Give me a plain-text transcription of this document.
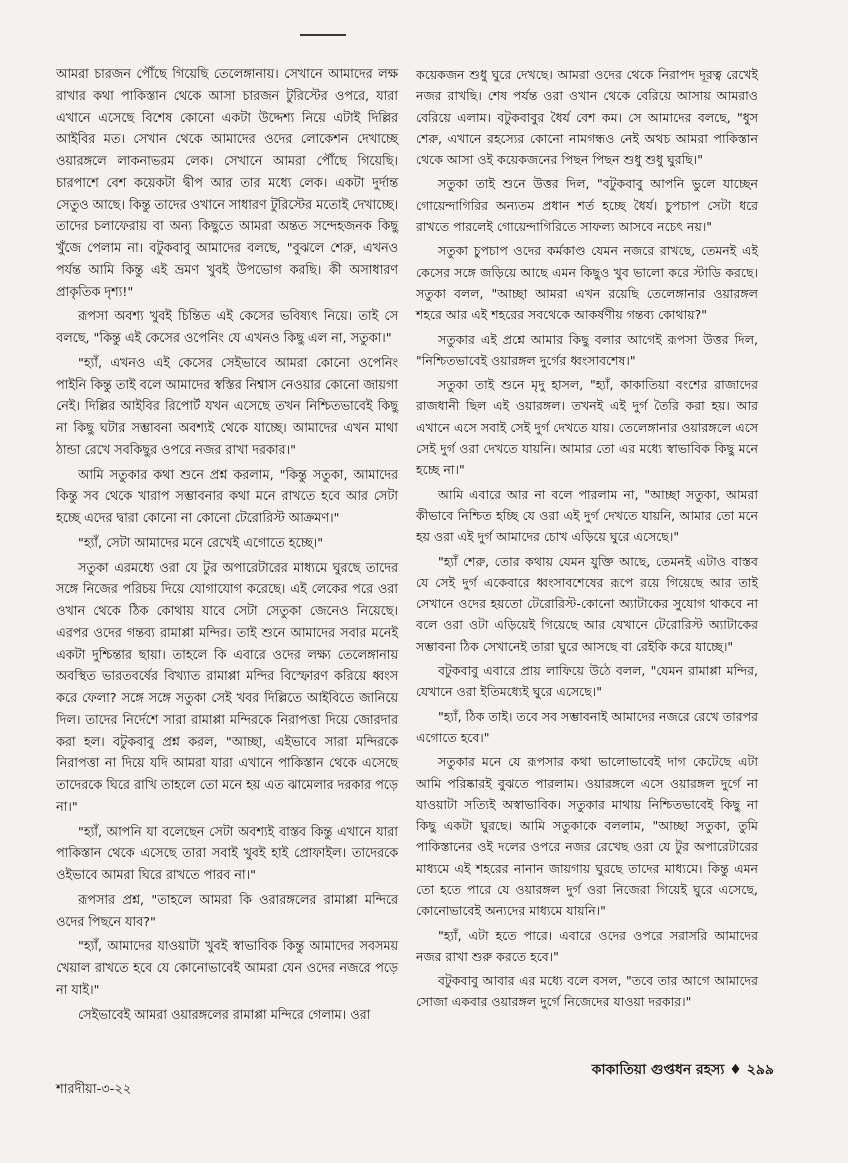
আমরা চারজন পৌঁছে গিয়েছি তেলেঙ্গানায়। সেখানে আমাদের লক্ষ রাখার কথা পাকিস্তান থেকে আসা চারজন টুরিস্টের ওপরে, যারা এখানে এসেছে বিশেষ কোনো একটা উদ্দেশ্য নিয়ে এটাই দিল্লির আইবির মত। সেখান থেকে আমাদের ওদের লোকেশন দেখাচ্ছে ওয়ারঙ্গলে লাকনাভরম লেক। সেখানে আমরা পৌঁছে গিয়েছি। চারপাশে বেশ কয়েকটা দ্বীপ আর তার মধ্যে লেক। একটা দুর্দান্ত সেতুও আছে। কিন্তু তাদের ওখানে সাধারণ টুরিস্টের মতোই দেখাচ্ছে। তাদের চলাফেরায় বা অন্য কিছুতে আমরা অন্তত সন্দেহজনক কিছু খুঁজে পেলাম না। বটুকবাবু আমাদের বলছে, "বুঝলে শেরু, এখনও পর্যন্ত আমি কিন্তু এই ভ্রমণ খুবই উপভোগ করছি। কী অসাধারণ প্রাকৃতিক দৃশ্য!"

রূপসা অবশ্য খুবই চিন্তিত এই কেসের ভবিষ্যৎ নিয়ে। তাই সে বলছে, "কিন্তু এই কেসের ওপেনিং যে এখনও কিছু এল না, সতুকা।"

"হ্যাঁ, এখনও এই কেসের সেইভাবে আমরা কোনো ওপেনিং পাইনি কিন্তু তাই বলে আমাদের স্বস্তির নিশ্বাস নেওয়ার কোনো জায়গা নেই। দিল্লির আইবির রিপোর্ট যখন এসেছে তখন নিশ্চিতভাবেই কিছু না কিছু ঘটার সম্ভাবনা অবশ্যই থেকে যাচ্ছে। আমাদের এখন মাথা ঠান্ডা রেখে সবকিছুর ওপরে নজর রাখা দরকার।"

আমি সতুকার কথা শুনে প্রশ্ন করলাম, "কিন্তু সতুকা, আমাদের কিন্তু সব থেকে খারাপ সম্ভাবনার কথা মনে রাখতে হবে আর সেটা হচ্ছে এদের দ্বারা কোনো না কোনো টেরোরিস্ট আক্রমণ।"

"হ্যাঁ, সেটা আমাদের মনে রেখেই এগোতে হচ্ছে।"

সতুকা এরমধ্যে ওরা যে টুর অপারেটারের মাধ্যমে ঘুরছে তাদের সঙ্গে নিজের পরিচয় দিয়ে যোগাযোগ করেছে। এই লেকের পরে ওরা ওখান থেকে ঠিক কোথায় যাবে সেটা সেতুকা জেনেও নিয়েছে। এরপর ওদের গন্তব্য রামাপ্পা মন্দির। তাই শুনে আমাদের সবার মনেই একটা দুশ্চিন্তার ছায়া। তাহলে কি এবারে ওদের লক্ষ্য তেলেঙ্গানায় অবস্থিত ভারতবর্ষের বিখ্যাত রামাপ্পা মন্দির বিস্ফোরণ করিয়ে ধ্বংস করে ফেলা? সঙ্গে সঙ্গে সতুকা সেই খবর দিল্লিতে আইবিতে জানিয়ে দিল। তাদের নির্দেশে সারা রামাপ্পা মন্দিরকে নিরাপত্তা দিয়ে জোরদার করা হল। বটুকবাবু প্রশ্ন করল, "আচ্ছা, এইভাবে সারা মন্দিরকে নিরাপত্তা না দিয়ে যদি আমরা যারা এখানে পাকিস্তান থেকে এসেছে তাদেরকে ঘিরে রাখি তাহলে তো মনে হয় এত ঝামেলার দরকার পড়ে না।"

"হ্যাঁ, আপনি যা বলেছেন সেটা অবশ্যই বাস্তব কিন্তু এখানে যারা পাকিস্তান থেকে এসেছে তারা সবাই খুবই হাই প্রোফাইল। তাদেরকে ওইভাবে আমরা ঘিরে রাখতে পারব না।"

রূপসার প্রশ্ন, "তাহলে আমরা কি ওরারঙ্গলের রামাপ্পা মন্দিরে ওদের পিছনে যাব?"

"হ্যাঁ, আমাদের যাওয়াটা খুবই স্বাভাবিক কিন্তু আমাদের সবসময় খেয়াল রাখতে হবে যে কোনোভাবেই আমরা যেন ওদের নজরে পড়ে না যাই।"

সেইভাবেই আমরা ওয়ারঙ্গলের রামাপ্পা মন্দিরে গেলাম। ওরা

কয়েকজন শুধু ঘুরে দেখছে। আমরা ওদের থেকে নিরাপদ দূরত্ব রেখেই নজর রাখছি। শেষ পর্যন্ত ওরা ওখান থেকে বেরিয়ে আসায় আমরাও বেরিয়ে এলাম। বটুকবাবুর ধৈর্য বেশ কম। সে আমাদের বলছে, "ধুস শেরু, এখানে রহস্যের কোনো নামগন্ধও নেই অথচ আমরা পাকিস্তান থেকে আসা ওই কয়েকজনের পিছন পিছন শুধু শুধু ঘুরছি।"

সতুকা তাই শুনে উত্তর দিল, "বটুকবাবু আপনি ভুলে যাচ্ছেন গোয়েন্দাগিরির অন্যতম প্রধান শর্ত হচ্ছে ধৈর্য। চুপচাপ সেটা ধরে রাখতে পারলেই গোয়েন্দাগিরিতে সাফল্য আসবে নচেৎ নয়।"

সতুকা চুপচাপ ওদের কর্মকাণ্ড যেমন নজরে রাখছে, তেমনই এই কেসের সঙ্গে জড়িয়ে আছে এমন কিছুও খুব ভালো করে স্টাডি করছে। সতুকা বলল, "আচ্ছা আমরা এখন রয়েছি তেলেঙ্গানার ওয়ারঙ্গল শহরে আর এই শহরের সবথেকে আকর্ষণীয় গন্তব্য কোথায়?"

সতুকার এই প্রশ্নে আমার কিছু বলার আগেই রূপসা উত্তর দিল, "নিশ্চিতভাবেই ওয়ারঙ্গল দুর্গের ধ্বংসাবশেষ।"

সতুকা তাই শুনে মৃদু হাসল, "হ্যাঁ, কাকাতিয়া বংশের রাজাদের রাজধানী ছিল এই ওয়ারঙ্গল। তখনই এই দুর্গ তৈরি করা হয়। আর এখানে এসে সবাই সেই দুর্গ দেখতে যায়। তেলেঙ্গানার ওয়ারঙ্গলে এসে সেই দুর্গ ওরা দেখতে যায়নি। আমার তো এর মধ্যে স্বাভাবিক কিছু মনে হচ্ছে না।"

আমি এবারে আর না বলে পারলাম না, "আচ্ছা সতুকা, আমরা কীভাবে নিশ্চিত হচ্ছি যে ওরা এই দুর্গ দেখতে যায়নি, আমার তো মনে হয় ওরা এই দুর্গ আমাদের চোখ এড়িয়ে ঘুরে এসেছে।"

"হ্যাঁ শেরু, তোর কথায় যেমন যুক্তি আছে, তেমনই এটাও বাস্তব যে সেই দুর্গ একেবারে ধ্বংসাবশেষের রূপে রয়ে গিয়েছে আর তাই সেখানে ওদের হয়তো টেরোরিস্ট-কোনো অ্যাটাকের সুযোগ থাকবে না বলে ওরা ওটা এড়িয়েই গিয়েছে আর যেখানে টেরোরিস্ট অ্যাটাকের সম্ভাবনা ঠিক সেখানেই তারা ঘুরে আসছে বা রেইকি করে যাচ্ছে।"

বটুকবাবু এবারে প্রায় লাফিয়ে উঠে বলল, "যেমন রামাপ্পা মন্দির, যেখানে ওরা ইতিমধ্যেই ঘুরে এসেছে।"

"হ্যাঁ, ঠিক তাই। তবে সব সম্ভাবনাই আমাদের নজরে রেখে তারপর এগোতে হবে।"

সতুকার মনে যে রূপসার কথা ভালোভাবেই দাগ কেটেছে এটা আমি পরিষ্কারই বুঝতে পারলাম। ওয়ারঙ্গলে এসে ওয়ারঙ্গল দুর্গে না যাওয়াটা সত্যিই অস্বাভাবিক। সতুকার মাথায় নিশ্চিতভাবেই কিছু না কিছু একটা ঘুরছে। আমি সতুকাকে বললাম, "আচ্ছা সতুকা, তুমি পাকিস্তানের ওই দলের ওপরে নজর রেখেছ ওরা যে টুর অপারেটারের মাধ্যমে এই শহরের নানান জায়গায় ঘুরছে তাদের মাধ্যমে। কিন্তু এমন তো হতে পারে যে ওয়ারঙ্গল দুর্গ ওরা নিজেরা গিয়েই ঘুরে এসেছে, কোনোভাবেই অন্যদের মাধ্যমে যায়নি।"

"হ্যাঁ, এটা হতে পারে। এবারে ওদের ওপরে সরাসরি আমাদের নজর রাখা শুরু করতে হবে।"

বটুকবাবু আবার এর মধ্যে বলে বসল, "তবে তার আগে আমাদের সোজা একবার ওয়ারঙ্গল দুর্গে নিজেদের যাওয়া দরকার।"

কাকাতিয়া গুপ্তধন রহস্য ♦ ২৯৯
শারদীয়া-৩-২২
